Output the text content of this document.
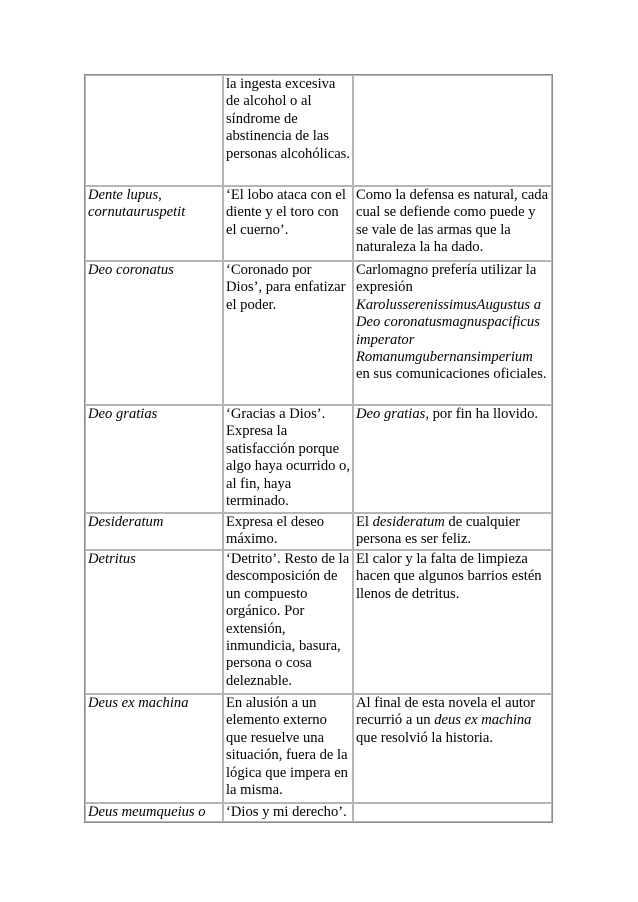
	la ingesta excesiva de alcohol o al síndrome de abstinencia de las personas alcohólicas.	
Dente lupus, cornutauruspetit	‘El lobo ataca con el diente y el toro con el cuerno’.	Como la defensa es natural, cada cual se defiende como puede y se vale de las armas que la naturaleza la ha dado.
Deo coronatus	‘Coronado por Dios’, para enfatizar el poder.	Carlomagno prefería utilizar la expresión KarolusserenissimusAugustus a Deo coronatusmagnuspacificus imperator Romanumgubernansimperium en sus comunicaciones oficiales.
Deo gratias	‘Gracias a Dios’. Expresa la satisfacción porque algo haya ocurrido o, al fin, haya terminado.	Deo gratias, por fin ha llovido.
Desideratum	Expresa el deseo máximo.	El desideratum de cualquier persona es ser feliz.
Detritus	‘Detrito’. Resto de la descomposición de un compuesto orgánico. Por extensión, inmundicia, basura, persona o cosa deleznable.	El calor y la falta de limpieza hacen que algunos barrios estén llenos de detritus.
Deus ex machina	En alusión a un elemento externo que resuelve una situación, fuera de la lógica que impera en la misma.	Al final de esta novela el autor recurrió a un deus ex machina que resolvió la historia.
Deus meumqueius o	‘Dios y mi derecho’.	
